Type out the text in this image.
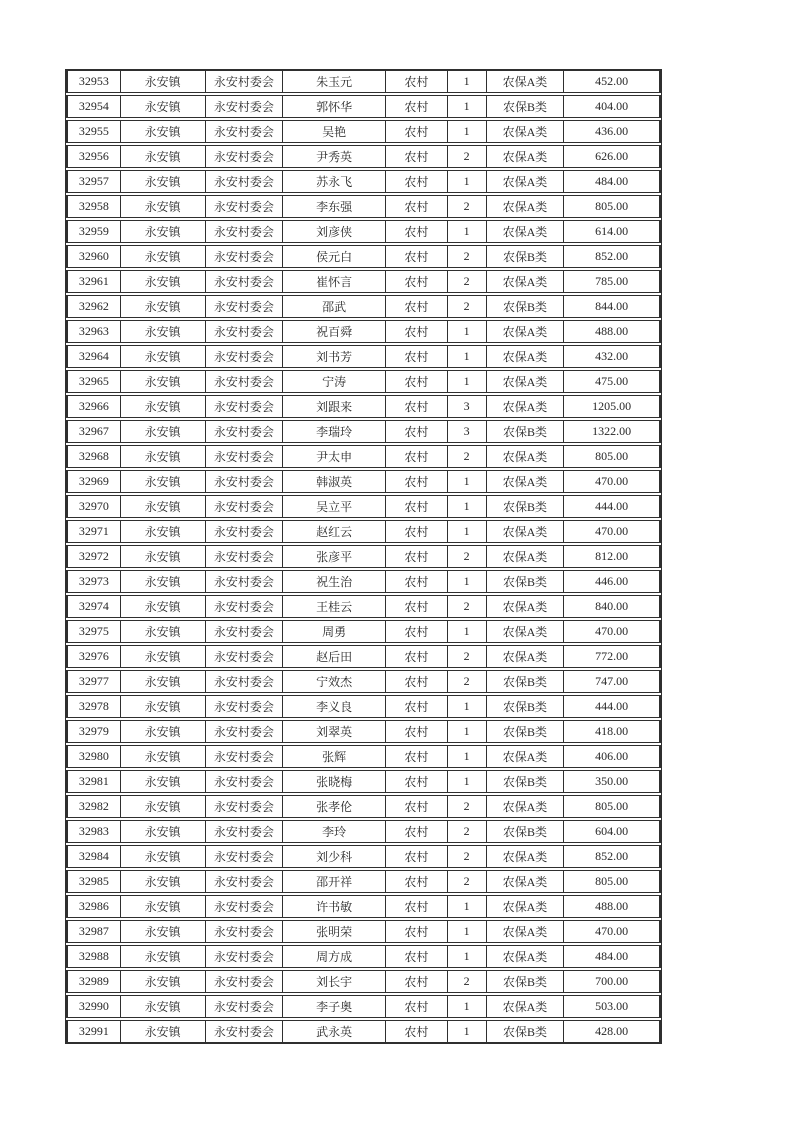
32953	永安镇	永安村委会	朱玉元	农村	1	农保A类	452.00
32954	永安镇	永安村委会	郭怀华	农村	1	农保B类	404.00
32955	永安镇	永安村委会	吴艳	农村	1	农保A类	436.00
32956	永安镇	永安村委会	尹秀英	农村	2	农保A类	626.00
32957	永安镇	永安村委会	苏永飞	农村	1	农保A类	484.00
32958	永安镇	永安村委会	李东强	农村	2	农保A类	805.00
32959	永安镇	永安村委会	刘彦侠	农村	1	农保A类	614.00
32960	永安镇	永安村委会	侯元白	农村	2	农保B类	852.00
32961	永安镇	永安村委会	崔怀言	农村	2	农保A类	785.00
32962	永安镇	永安村委会	邵武	农村	2	农保B类	844.00
32963	永安镇	永安村委会	祝百舜	农村	1	农保A类	488.00
32964	永安镇	永安村委会	刘书芳	农村	1	农保A类	432.00
32965	永安镇	永安村委会	宁涛	农村	1	农保A类	475.00
32966	永安镇	永安村委会	刘跟来	农村	3	农保A类	1205.00
32967	永安镇	永安村委会	李瑞玲	农村	3	农保B类	1322.00
32968	永安镇	永安村委会	尹太申	农村	2	农保A类	805.00
32969	永安镇	永安村委会	韩淑英	农村	1	农保A类	470.00
32970	永安镇	永安村委会	吴立平	农村	1	农保B类	444.00
32971	永安镇	永安村委会	赵红云	农村	1	农保A类	470.00
32972	永安镇	永安村委会	张彦平	农村	2	农保A类	812.00
32973	永安镇	永安村委会	祝生治	农村	1	农保B类	446.00
32974	永安镇	永安村委会	王桂云	农村	2	农保A类	840.00
32975	永安镇	永安村委会	周勇	农村	1	农保A类	470.00
32976	永安镇	永安村委会	赵后田	农村	2	农保A类	772.00
32977	永安镇	永安村委会	宁效杰	农村	2	农保B类	747.00
32978	永安镇	永安村委会	李义良	农村	1	农保B类	444.00
32979	永安镇	永安村委会	刘翠英	农村	1	农保B类	418.00
32980	永安镇	永安村委会	张辉	农村	1	农保A类	406.00
32981	永安镇	永安村委会	张晓梅	农村	1	农保B类	350.00
32982	永安镇	永安村委会	张孝伦	农村	2	农保A类	805.00
32983	永安镇	永安村委会	李玲	农村	2	农保B类	604.00
32984	永安镇	永安村委会	刘少科	农村	2	农保A类	852.00
32985	永安镇	永安村委会	邵开祥	农村	2	农保A类	805.00
32986	永安镇	永安村委会	许书敏	农村	1	农保A类	488.00
32987	永安镇	永安村委会	张明荣	农村	1	农保A类	470.00
32988	永安镇	永安村委会	周方成	农村	1	农保A类	484.00
32989	永安镇	永安村委会	刘长宇	农村	2	农保B类	700.00
32990	永安镇	永安村委会	李子奥	农村	1	农保A类	503.00
32991	永安镇	永安村委会	武永英	农村	1	农保B类	428.00
